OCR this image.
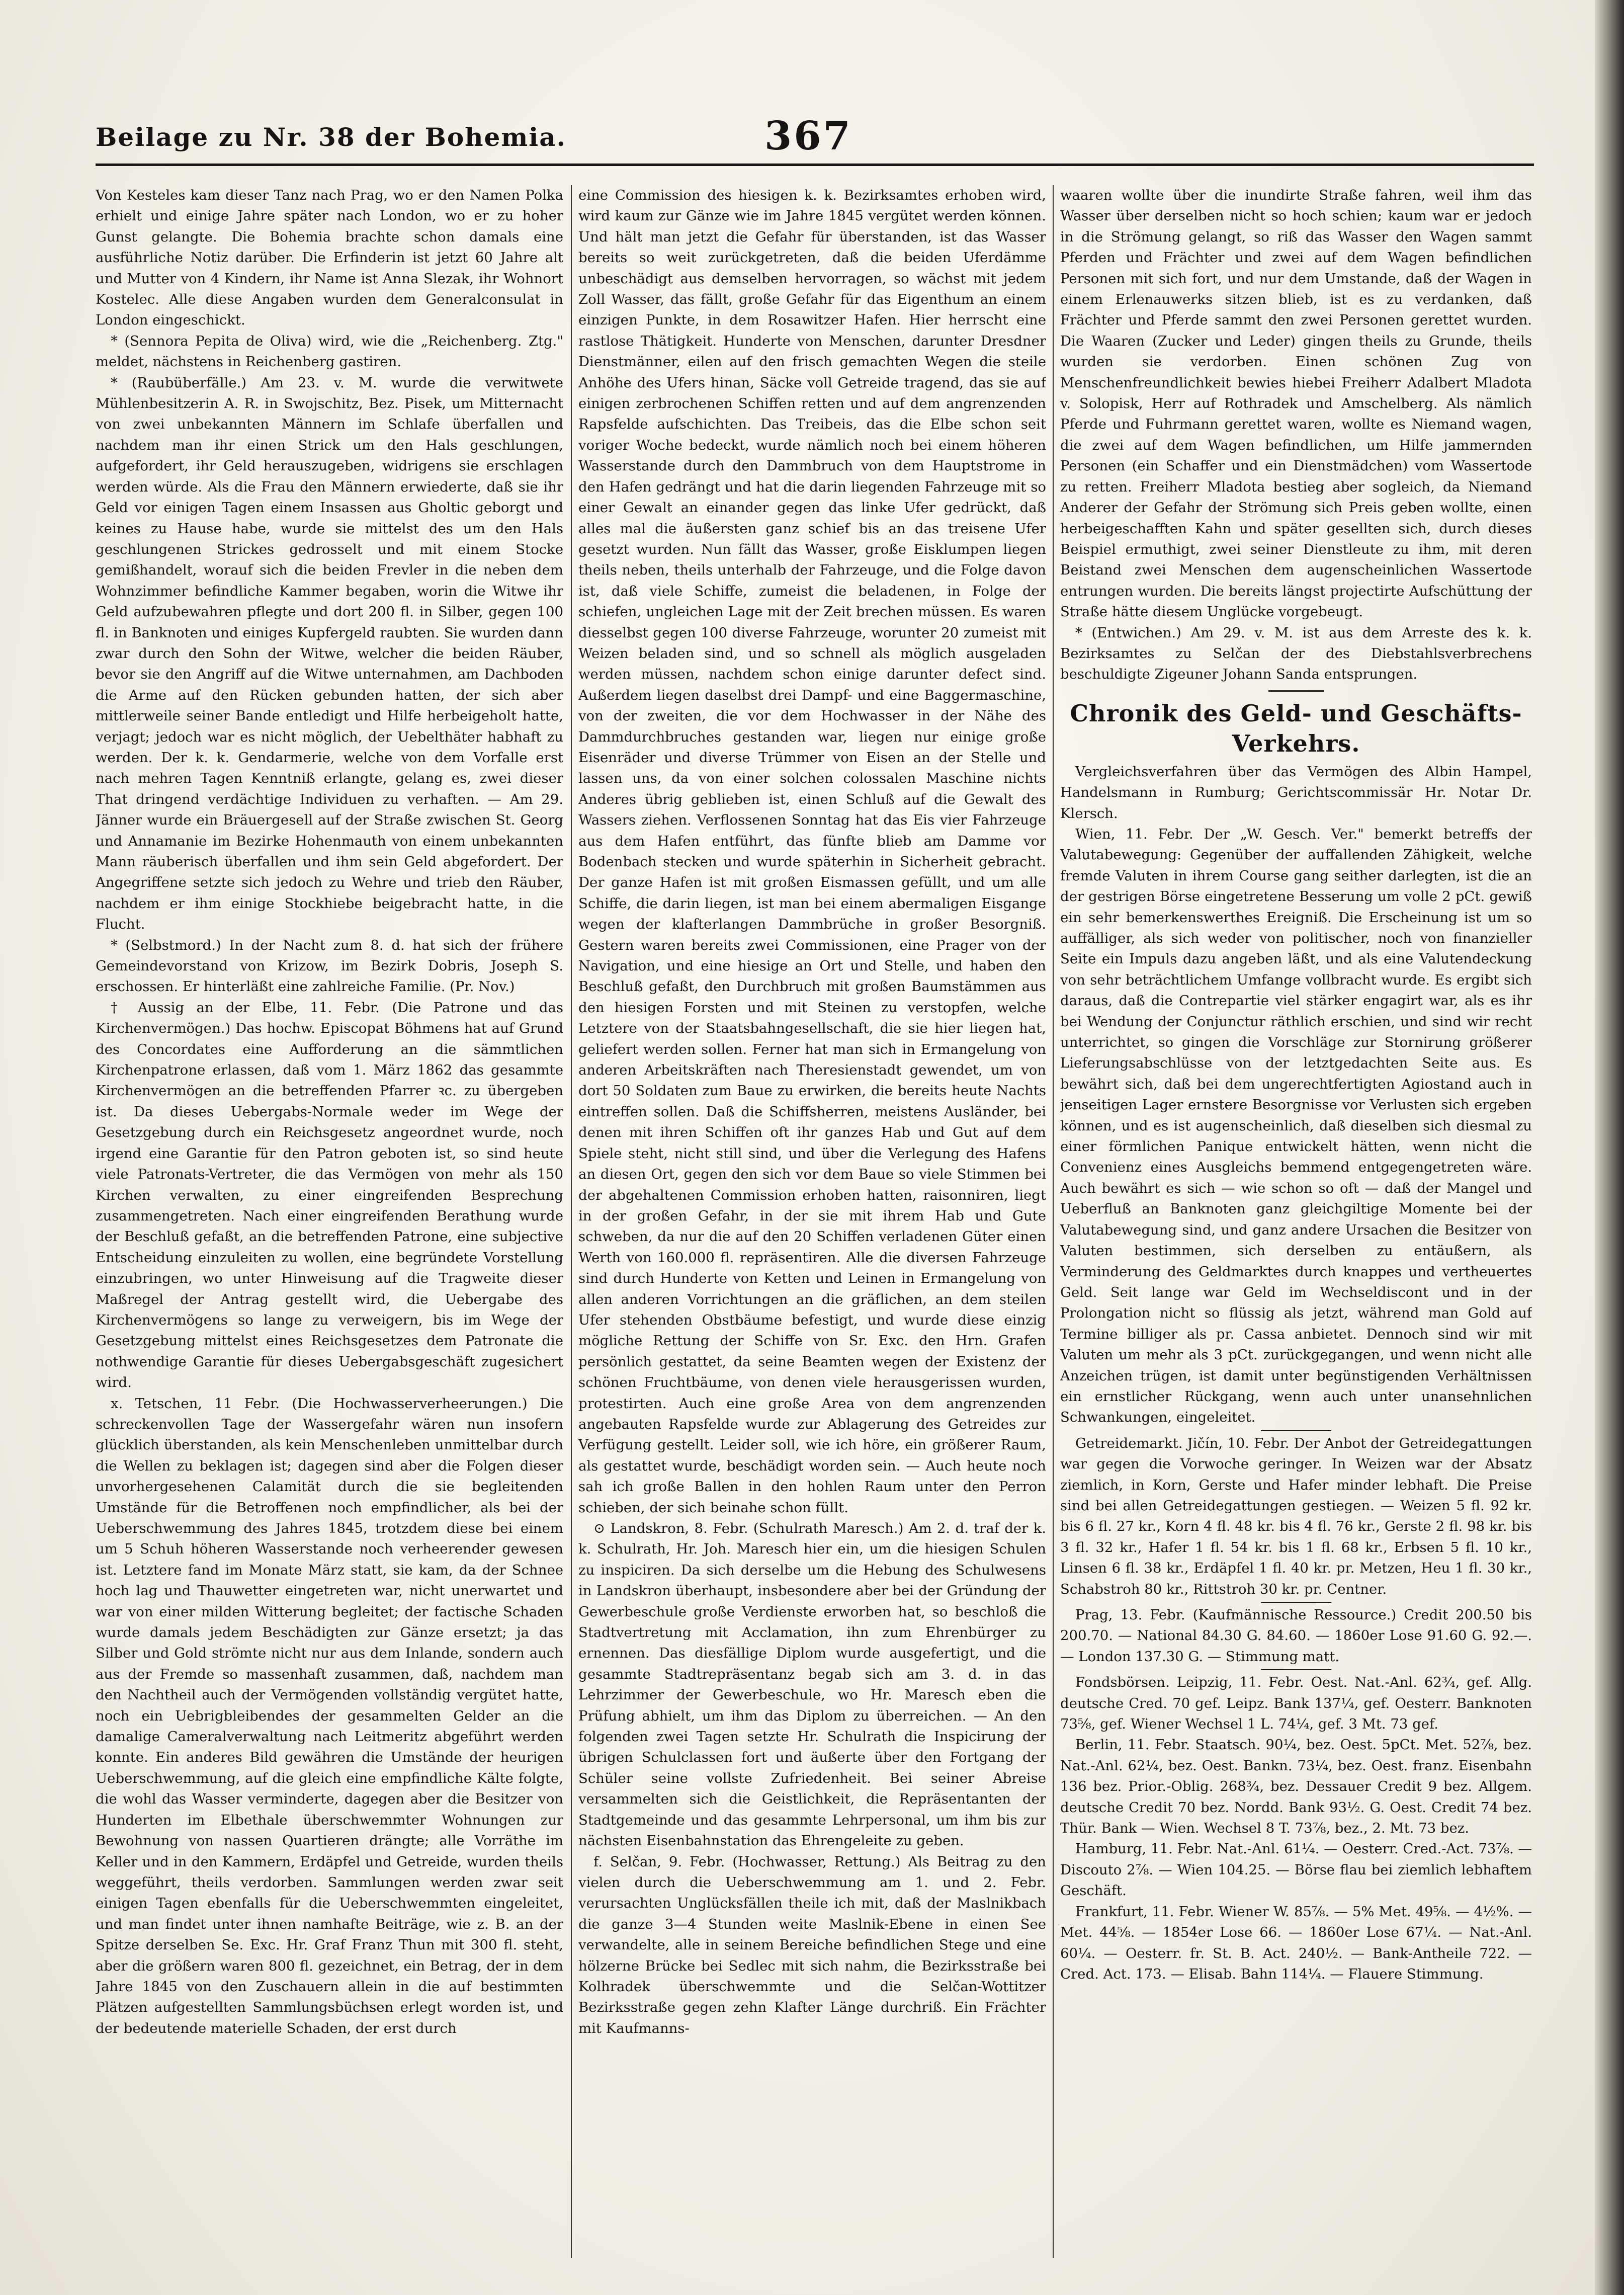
Beilage zu Nr. 38 der Bohemia.	367

Von Kesteles kam dieser Tanz nach Prag, wo er den Namen Polka erhielt und einige Jahre später nach London, wo er zu hoher Gunst gelangte. Die Bohemia brachte schon damals eine ausführliche Notiz darüber. Die Erfinderin ist jetzt 60 Jahre alt und Mutter von 4 Kindern, ihr Name ist Anna Slezak, ihr Wohnort Kostelec. Alle diese Angaben wurden dem Generalconsulat in London eingeschickt.

* (Sennora Pepita de Oliva) wird, wie die „Reichenberg. Ztg." meldet, nächstens in Reichenberg gastiren.

* (Raubüberfälle.) Am 23. v. M. wurde die verwitwete Mühlenbesitzerin A. R. in Swojschitz, Bez. Pisek, um Mitternacht von zwei unbekannten Männern im Schlafe überfallen und nachdem man ihr einen Strick um den Hals geschlungen, aufgefordert, ihr Geld herauszugeben, widrigens sie erschlagen werden würde. Als die Frau den Männern erwiederte, daß sie ihr Geld vor einigen Tagen einem Insassen aus Gholtic geborgt und keines zu Hause habe, wurde sie mittelst des um den Hals geschlungenen Strickes gedrosselt und mit einem Stocke gemißhandelt, worauf sich die beiden Frevler in die neben dem Wohnzimmer befindliche Kammer begaben, worin die Witwe ihr Geld aufzubewahren pflegte und dort 200 fl. in Silber, gegen 100 fl. in Banknoten und einiges Kupfergeld raubten. Sie wurden dann zwar durch den Sohn der Witwe, welcher die beiden Räuber, bevor sie den Angriff auf die Witwe unternahmen, am Dachboden die Arme auf den Rücken gebunden hatten, der sich aber mittlerweile seiner Bande entledigt und Hilfe herbeigeholt hatte, verjagt; jedoch war es nicht möglich, der Uebelthäter habhaft zu werden. Der k. k. Gendarmerie, welche von dem Vorfalle erst nach mehren Tagen Kenntniß erlangte, gelang es, zwei dieser That dringend verdächtige Individuen zu verhaften. — Am 29. Jänner wurde ein Bräuergesell auf der Straße zwischen St. Georg und Annamanie im Bezirke Hohenmauth von einem unbekannten Mann räuberisch überfallen und ihm sein Geld abgefordert. Der Angegriffene setzte sich jedoch zu Wehre und trieb den Räuber, nachdem er ihm einige Stockhiebe beigebracht hatte, in die Flucht.

* (Selbstmord.) In der Nacht zum 8. d. hat sich der frühere Gemeindevorstand von Krizow, im Bezirk Dobris, Joseph S. erschossen. Er hinterläßt eine zahlreiche Familie. (Pr. Nov.)

† Aussig an der Elbe, 11. Febr. (Die Patrone und das Kirchenvermögen.) Das hochw. Episcopat Böhmens hat auf Grund des Concordates eine Aufforderung an die sämmtlichen Kirchenpatrone erlassen, daß vom 1. März 1862 das gesammte Kirchenvermögen an die betreffenden Pfarrer ꝛc. zu übergeben ist. Da dieses Uebergabs-Normale weder im Wege der Gesetzgebung durch ein Reichsgesetz angeordnet wurde, noch irgend eine Garantie für den Patron geboten ist, so sind heute viele Patronats-Vertreter, die das Vermögen von mehr als 150 Kirchen verwalten, zu einer eingreifenden Besprechung zusammengetreten. Nach einer eingreifenden Berathung wurde der Beschluß gefaßt, an die betreffenden Patrone, eine subjective Entscheidung einzuleiten zu wollen, eine begründete Vorstellung einzubringen, wo unter Hinweisung auf die Tragweite dieser Maßregel der Antrag gestellt wird, die Uebergabe des Kirchenvermögens so lange zu verweigern, bis im Wege der Gesetzgebung mittelst eines Reichsgesetzes dem Patronate die nothwendige Garantie für dieses Uebergabsgeschäft zugesichert wird.

x. Tetschen, 11 Febr. (Die Hochwasserverheerungen.) Die schreckenvollen Tage der Wassergefahr wären nun insofern glücklich überstanden, als kein Menschenleben unmittelbar durch die Wellen zu beklagen ist; dagegen sind aber die Folgen dieser unvorhergesehenen Calamität durch die sie begleitenden Umstände für die Betroffenen noch empfindlicher, als bei der Ueberschwemmung des Jahres 1845, trotzdem diese bei einem um 5 Schuh höheren Wasserstande noch verheerender gewesen ist. Letztere fand im Monate März statt, sie kam, da der Schnee hoch lag und Thauwetter eingetreten war, nicht unerwartet und war von einer milden Witterung begleitet; der factische Schaden wurde damals jedem Beschädigten zur Gänze ersetzt; ja das Silber und Gold strömte nicht nur aus dem Inlande, sondern auch aus der Fremde so massenhaft zusammen, daß, nachdem man den Nachtheil auch der Vermögenden vollständig vergütet hatte, noch ein Uebrigbleibendes der gesammelten Gelder an die damalige Cameralverwaltung nach Leitmeritz abgeführt werden konnte. Ein anderes Bild gewähren die Umstände der heurigen Ueberschwemmung, auf die gleich eine empfindliche Kälte folgte, die wohl das Wasser verminderte, dagegen aber die Besitzer von Hunderten im Elbethale überschwemmter Wohnungen zur Bewohnung von nassen Quartieren drängte; alle Vorräthe im Keller und in den Kammern, Erdäpfel und Getreide, wurden theils weggeführt, theils verdorben. Sammlungen werden zwar seit einigen Tagen ebenfalls für die Ueberschwemmten eingeleitet, und man findet unter ihnen namhafte Beiträge, wie z. B. an der Spitze derselben Se. Exc. Hr. Graf Franz Thun mit 300 fl. steht, aber die größern waren 800 fl. gezeichnet, ein Betrag, der in dem Jahre 1845 von den Zuschauern allein in die auf bestimmten Plätzen aufgestellten Sammlungsbüchsen erlegt worden ist, und der bedeutende materielle Schaden, der erst durch

eine Commission des hiesigen k. k. Bezirksamtes erhoben wird, wird kaum zur Gänze wie im Jahre 1845 vergütet werden können. Und hält man jetzt die Gefahr für überstanden, ist das Wasser bereits so weit zurückgetreten, daß die beiden Uferdämme unbeschädigt aus demselben hervorragen, so wächst mit jedem Zoll Wasser, das fällt, große Gefahr für das Eigenthum an einem einzigen Punkte, in dem Rosawitzer Hafen. Hier herrscht eine rastlose Thätigkeit. Hunderte von Menschen, darunter Dresdner Dienstmänner, eilen auf den frisch gemachten Wegen die steile Anhöhe des Ufers hinan, Säcke voll Getreide tragend, das sie auf einigen zerbrochenen Schiffen retten und auf dem angrenzenden Rapsfelde aufschichten. Das Treibeis, das die Elbe schon seit voriger Woche bedeckt, wurde nämlich noch bei einem höheren Wasserstande durch den Dammbruch von dem Hauptstrome in den Hafen gedrängt und hat die darin liegenden Fahrzeuge mit so einer Gewalt an einander gegen das linke Ufer gedrückt, daß alles mal die äußersten ganz schief bis an das treisene Ufer gesetzt wurden. Nun fällt das Wasser, große Eisklumpen liegen theils neben, theils unterhalb der Fahrzeuge, und die Folge davon ist, daß viele Schiffe, zumeist die beladenen, in Folge der schiefen, ungleichen Lage mit der Zeit brechen müssen. Es waren diesselbst gegen 100 diverse Fahrzeuge, worunter 20 zumeist mit Weizen beladen sind, und so schnell als möglich ausgeladen werden müssen, nachdem schon einige darunter defect sind. Außerdem liegen daselbst drei Dampf- und eine Baggermaschine, von der zweiten, die vor dem Hochwasser in der Nähe des Dammdurchbruches gestanden war, liegen nur einige große Eisenräder und diverse Trümmer von Eisen an der Stelle und lassen uns, da von einer solchen colossalen Maschine nichts Anderes übrig geblieben ist, einen Schluß auf die Gewalt des Wassers ziehen. Verflossenen Sonntag hat das Eis vier Fahrzeuge aus dem Hafen entführt, das fünfte blieb am Damme vor Bodenbach stecken und wurde späterhin in Sicherheit gebracht. Der ganze Hafen ist mit großen Eismassen gefüllt, und um alle Schiffe, die darin liegen, ist man bei einem abermaligen Eisgange wegen der klafterlangen Dammbrüche in großer Besorgniß. Gestern waren bereits zwei Commissionen, eine Prager von der Navigation, und eine hiesige an Ort und Stelle, und haben den Beschluß gefaßt, den Durchbruch mit großen Baumstämmen aus den hiesigen Forsten und mit Steinen zu verstopfen, welche Letztere von der Staatsbahngesellschaft, die sie hier liegen hat, geliefert werden sollen. Ferner hat man sich in Ermangelung von anderen Arbeitskräften nach Theresienstadt gewendet, um von dort 50 Soldaten zum Baue zu erwirken, die bereits heute Nachts eintreffen sollen. Daß die Schiffsherren, meistens Ausländer, bei denen mit ihren Schiffen oft ihr ganzes Hab und Gut auf dem Spiele steht, nicht still sind, und über die Verlegung des Hafens an diesen Ort, gegen den sich vor dem Baue so viele Stimmen bei der abgehaltenen Commission erhoben hatten, raisonniren, liegt in der großen Gefahr, in der sie mit ihrem Hab und Gute schweben, da nur die auf den 20 Schiffen verladenen Güter einen Werth von 160.000 fl. repräsentiren. Alle die diversen Fahrzeuge sind durch Hunderte von Ketten und Leinen in Ermangelung von allen anderen Vorrichtungen an die gräflichen, an dem steilen Ufer stehenden Obstbäume befestigt, und wurde diese einzig mögliche Rettung der Schiffe von Sr. Exc. den Hrn. Grafen persönlich gestattet, da seine Beamten wegen der Existenz der schönen Fruchtbäume, von denen viele herausgerissen wurden, protestirten. Auch eine große Area von dem angrenzenden angebauten Rapsfelde wurde zur Ablagerung des Getreides zur Verfügung gestellt. Leider soll, wie ich höre, ein größerer Raum, als gestattet wurde, beschädigt worden sein. — Auch heute noch sah ich große Ballen in den hohlen Raum unter den Perron schieben, der sich beinahe schon füllt.

⊙ Landskron, 8. Febr. (Schulrath Maresch.) Am 2. d. traf der k. k. Schulrath, Hr. Joh. Maresch hier ein, um die hiesigen Schulen zu inspiciren. Da sich derselbe um die Hebung des Schulwesens in Landskron überhaupt, insbesondere aber bei der Gründung der Gewerbeschule große Verdienste erworben hat, so beschloß die Stadtvertretung mit Acclamation, ihn zum Ehrenbürger zu ernennen. Das diesfällige Diplom wurde ausgefertigt, und die gesammte Stadtrepräsentanz begab sich am 3. d. in das Lehrzimmer der Gewerbeschule, wo Hr. Maresch eben die Prüfung abhielt, um ihm das Diplom zu überreichen. — An den folgenden zwei Tagen setzte Hr. Schulrath die Inspicirung der übrigen Schulclassen fort und äußerte über den Fortgang der Schüler seine vollste Zufriedenheit. Bei seiner Abreise versammelten sich die Geistlichkeit, die Repräsentanten der Stadtgemeinde und das gesammte Lehrpersonal, um ihm bis zur nächsten Eisenbahnstation das Ehrengeleite zu geben.

f. Selčan, 9. Febr. (Hochwasser, Rettung.) Als Beitrag zu den vielen durch die Ueberschwemmung am 1. und 2. Febr. verursachten Unglücksfällen theile ich mit, daß der Maslnikbach die ganze 3—4 Stunden weite Maslnik-Ebene in einen See verwandelte, alle in seinem Bereiche befindlichen Stege und eine hölzerne Brücke bei Sedlec mit sich nahm, die Bezirksstraße bei Kolhradek überschwemmte und die Selčan-Wottitzer Bezirksstraße gegen zehn Klafter Länge durchriß. Ein Frächter mit Kaufmanns-

waaren wollte über die inundirte Straße fahren, weil ihm das Wasser über derselben nicht so hoch schien; kaum war er jedoch in die Strömung gelangt, so riß das Wasser den Wagen sammt Pferden und Frächter und zwei auf dem Wagen befindlichen Personen mit sich fort, und nur dem Umstande, daß der Wagen in einem Erlenauwerks sitzen blieb, ist es zu verdanken, daß Frächter und Pferde sammt den zwei Personen gerettet wurden. Die Waaren (Zucker und Leder) gingen theils zu Grunde, theils wurden sie verdorben. Einen schönen Zug von Menschenfreundlichkeit bewies hiebei Freiherr Adalbert Mladota v. Solopisk, Herr auf Rothradek und Amschelberg. Als nämlich Pferde und Fuhrmann gerettet waren, wollte es Niemand wagen, die zwei auf dem Wagen befindlichen, um Hilfe jammernden Personen (ein Schaffer und ein Dienstmädchen) vom Wassertode zu retten. Freiherr Mladota bestieg aber sogleich, da Niemand Anderer der Gefahr der Strömung sich Preis geben wollte, einen herbeigeschafften Kahn und später gesellten sich, durch dieses Beispiel ermuthigt, zwei seiner Dienstleute zu ihm, mit deren Beistand zwei Menschen dem augenscheinlichen Wassertode entrungen wurden. Die bereits längst projectirte Aufschüttung der Straße hätte diesem Unglücke vorgebeugt.

* (Entwichen.) Am 29. v. M. ist aus dem Arreste des k. k. Bezirksamtes zu Selčan der des Diebstahlsverbrechens beschuldigte Zigeuner Johann Sanda entsprungen.

Chronik des Geld- und Geschäfts-Verkehrs.

Vergleichsverfahren über das Vermögen des Albin Hampel, Handelsmann in Rumburg; Gerichtscommissär Hr. Notar Dr. Klersch.

Wien, 11. Febr. Der „W. Gesch. Ver." bemerkt betreffs der Valutabewegung: Gegenüber der auffallenden Zähigkeit, welche fremde Valuten in ihrem Course gang seither darlegten, ist die an der gestrigen Börse eingetretene Besserung um volle 2 pCt. gewiß ein sehr bemerkenswerthes Ereigniß. Die Erscheinung ist um so auffälliger, als sich weder von politischer, noch von finanzieller Seite ein Impuls dazu angeben läßt, und als eine Valutendeckung von sehr beträchtlichem Umfange vollbracht wurde. Es ergibt sich daraus, daß die Contrepartie viel stärker engagirt war, als es ihr bei Wendung der Conjunctur räthlich erschien, und sind wir recht unterrichtet, so gingen die Vorschläge zur Stornirung größerer Lieferungsabschlüsse von der letztgedachten Seite aus. Es bewährt sich, daß bei dem ungerechtfertigten Agiostand auch in jenseitigen Lager ernstere Besorgnisse vor Verlusten sich ergeben können, und es ist augenscheinlich, daß dieselben sich diesmal zu einer förmlichen Panique entwickelt hätten, wenn nicht die Convenienz eines Ausgleichs bemmend entgegengetreten wäre. Auch bewährt es sich — wie schon so oft — daß der Mangel und Ueberfluß an Banknoten ganz gleichgiltige Momente bei der Valutabewegung sind, und ganz andere Ursachen die Besitzer von Valuten bestimmen, sich derselben zu entäußern, als Verminderung des Geldmarktes durch knappes und vertheuertes Geld. Seit lange war Geld im Wechseldiscont und in der Prolongation nicht so flüssig als jetzt, während man Gold auf Termine billiger als pr. Cassa anbietet. Dennoch sind wir mit Valuten um mehr als 3 pCt. zurückgegangen, und wenn nicht alle Anzeichen trügen, ist damit unter begünstigenden Verhältnissen ein ernstlicher Rückgang, wenn auch unter unansehnlichen Schwankungen, eingeleitet.

Getreidemarkt. Jičín, 10. Febr. Der Anbot der Getreidegattungen war gegen die Vorwoche geringer. In Weizen war der Absatz ziemlich, in Korn, Gerste und Hafer minder lebhaft. Die Preise sind bei allen Getreidegattungen gestiegen. — Weizen 5 fl. 92 kr. bis 6 fl. 27 kr., Korn 4 fl. 48 kr. bis 4 fl. 76 kr., Gerste 2 fl. 98 kr. bis 3 fl. 32 kr., Hafer 1 fl. 54 kr. bis 1 fl. 68 kr., Erbsen 5 fl. 10 kr., Linsen 6 fl. 38 kr., Erdäpfel 1 fl. 40 kr. pr. Metzen, Heu 1 fl. 30 kr., Schabstroh 80 kr., Rittstroh 30 kr. pr. Centner.

Prag, 13. Febr. (Kaufmännische Ressource.) Credit 200.50 bis 200.70. — National 84.30 G. 84.60. — 1860er Lose 91.60 G. 92.—. — London 137.30 G. — Stimmung matt.

Fondsbörsen. Leipzig, 11. Febr. Oest. Nat.-Anl. 62¾, gef. Allg. deutsche Cred. 70 gef. Leipz. Bank 137¼, gef. Oesterr. Banknoten 73⅝, gef. Wiener Wechsel 1 L. 74¼, gef. 3 Mt. 73 gef.

Berlin, 11. Febr. Staatsch. 90¼, bez. Oest. 5pCt. Met. 52⅞, bez. Nat.-Anl. 62¼, bez. Oest. Bankn. 73¼, bez. Oest. franz. Eisenbahn 136 bez. Prior.-Oblig. 268¾, bez. Dessauer Credit 9 bez. Allgem. deutsche Credit 70 bez. Nordd. Bank 93½. G. Oest. Credit 74 bez. Thür. Bank — Wien. Wechsel 8 T. 73⅞, bez., 2. Mt. 73 bez.

Hamburg, 11. Febr. Nat.-Anl. 61¼. — Oesterr. Cred.-Act. 73⅞. — Discouto 2⅞. — Wien 104.25. — Börse flau bei ziemlich lebhaftem Geschäft.

Frankfurt, 11. Febr. Wiener W. 85⅞. — 5% Met. 49⅝. — 4½%. — Met. 44⅝. — 1854er Lose 66. — 1860er Lose 67¼. — Nat.-Anl. 60¼. — Oesterr. fr. St. B. Act. 240½. — Bank-Antheile 722. — Cred. Act. 173. — Elisab. Bahn 114¼. — Flauere Stimmung.
